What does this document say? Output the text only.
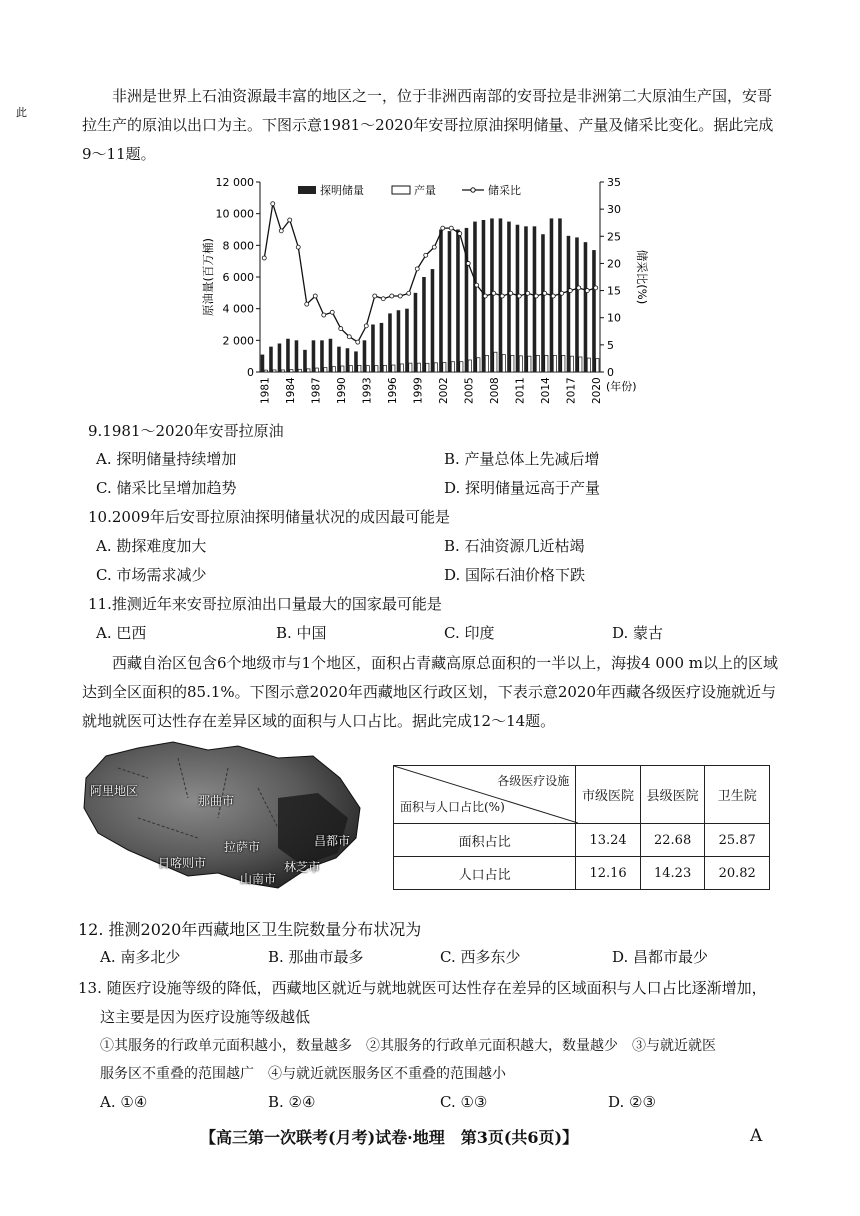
此
非洲是世界上石油资源最丰富的地区之一，位于非洲西南部的安哥拉是非洲第二大原油生产国，安哥拉生产的原油以出口为主。下图示意1981～2020年安哥拉原油探明储量、产量及储采比变化。据此完成9～11题。
0
2 000
4 000
6 000
8 000
10 000
12 000
0
5
10
15
20
25
30
35
1981 1984 1987 1990 1993 1996 1999 2002 2005 2008 2011 2014 2017 2020 (年份)
原油量(百万桶)	储采比(%)
探明储量	产量	储采比
9.1981～2020年安哥拉原油
A. 探明储量持续增加	B. 产量总体上先减后增
C. 储采比呈增加趋势	D. 探明储量远高于产量
10.2009年后安哥拉原油探明储量状况的成因最可能是
A. 勘探难度加大	B. 石油资源几近枯竭
C. 市场需求减少	D. 国际石油价格下跌
11.推测近年来安哥拉原油出口量最大的国家最可能是
A. 巴西	B. 中国	C. 印度	D. 蒙古
西藏自治区包含6个地级市与1个地区，面积占青藏高原总面积的一半以上，海拔4 000 m以上的区域达到全区面积的85.1%。下图示意2020年西藏地区行政区划，下表示意2020年西藏各级医疗设施就近与就地就医可达性存在差异区域的面积与人口占比。据此完成12～14题。
阿里地区
那曲市
拉萨市	昌都市
日喀则市
山南市
林芝市
各级医疗设施
面积与人口占比(%)	市级医院	县级医院	卫生院
面积占比	13.24	22.68	25.87
人口占比	12.16	14.23	20.82
12. 推测2020年西藏地区卫生院数量分布状况为
A. 南多北少	B. 那曲市最多	C. 西多东少	D. 昌都市最少
13. 随医疗设施等级的降低，西藏地区就近与就地就医可达性存在差异的区域面积与人口占比逐渐增加，
这主要是因为医疗设施等级越低
①其服务的行政单元面积越小，数量越多　②其服务的行政单元面积越大，数量越少　③与就近就医
服务区不重叠的范围越广　④与就近就医服务区不重叠的范围越小
A. ①④	B. ②④	C. ①③	D. ②③
【高三第一次联考(月考)试卷·地理　第3页(共6页)】	A
